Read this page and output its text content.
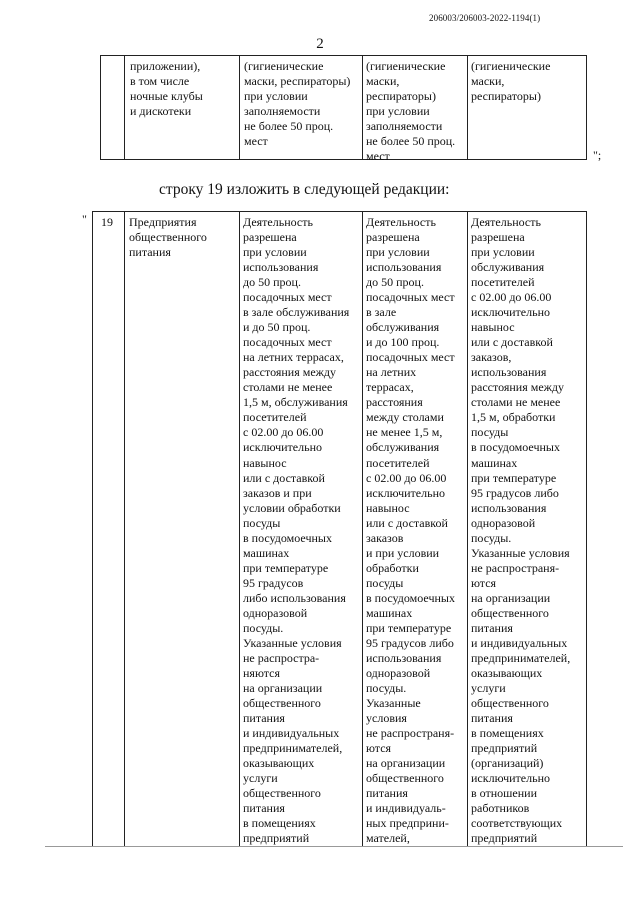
206003/206003-2022-1194(1)
2
приложении),
в том числе
ночные клубы
и дискотеки
(гигиенические
маски, респираторы)
при условии
заполняемости
не более 50 проц.
мест
(гигиенические
маски,
респираторы)
при условии
заполняемости
не более 50 проц.
мест
(гигиенические
маски,
респираторы)
";
строку 19 изложить в следующей редакции:
" 19 Предприятия
общественного
питания
Деятельность
разрешена
при условии
использования
до 50 проц.
посадочных мест
в зале обслуживания
и до 50 проц.
посадочных мест
на летних террасах,
расстояния между
столами не менее
1,5 м, обслуживания
посетителей
с 02.00 до 06.00
исключительно
навынос
или с доставкой
заказов и при
условии обработки
посуды
в посудомоечных
машинах
при температуре
95 градусов
либо использования
одноразовой
посуды.
Указанные условия
не распростра-
няются
на организации
общественного
питания
и индивидуальных
предпринимателей,
оказывающих
услуги
общественного
питания
в помещениях
предприятий
Деятельность
разрешена
при условии
использования
до 50 проц.
посадочных мест
в зале
обслуживания
и до 100 проц.
посадочных мест
на летних
террасах,
расстояния
между столами
не менее 1,5 м,
обслуживания
посетителей
с 02.00 до 06.00
исключительно
навынос
или с доставкой
заказов
и при условии
обработки
посуды
в посудомоечных
машинах
при температуре
95 градусов либо
использования
одноразовой
посуды.
Указанные
условия
не распространя-
ются
на организации
общественного
питания
и индивидуаль-
ных предприни-
мателей,
Деятельность
разрешена
при условии
обслуживания
посетителей
с 02.00 до 06.00
исключительно
навынос
или с доставкой
заказов,
использования
расстояния между
столами не менее
1,5 м, обработки
посуды
в посудомоечных
машинах
при температуре
95 градусов либо
использования
одноразовой
посуды.
Указанные условия
не распространя-
ются
на организации
общественного
питания
и индивидуальных
предпринимателей,
оказывающих
услуги
общественного
питания
в помещениях
предприятий
(организаций)
исключительно
в отношении
работников
соответствующих
предприятий
